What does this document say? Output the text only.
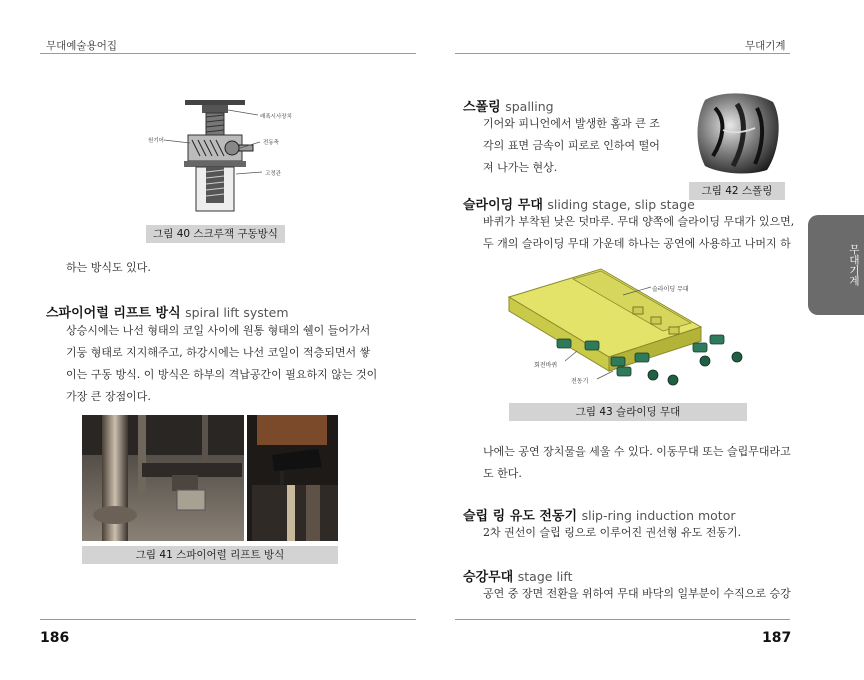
무대예술용어집	무대기계
무대기계
래폭시사장치
원기어	전동축
고정관
그림 40 스크루잭 구동방식
하는 방식도 있다.
스파이어럴 리프트 방식 spiral lift system
상승시에는 나선 형태의 코일 사이에 원통 형태의 쉘이 들어가서
기둥 형태로 지지해주고, 하강시에는 나선 코일이 적층되면서 쌓
이는 구동 방식. 이 방식은 하부의 격납공간이 필요하지 않는 것이
가장 큰 장점이다.
그림 41 스파이어럴 리프트 방식
186
스폴링 spalling
기어와 피니언에서 발생한 홈과 큰 조
각의 표면 금속이 피로로 인하여 떨어
져 나가는 현상.
그림 42 스폴링
슬라이딩 무대 sliding stage, slip stage
바퀴가 부착된 낮은 덧마루. 무대 양쪽에 슬라이딩 무대가 있으면,
두 개의 슬라이딩 무대 가운데 하나는 공연에 사용하고 나머지 하
슬라이딩 무대
회전바퀴
전동기
그림 43 슬라이딩 무대
나에는 공연 장치물을 세울 수 있다. 이동무대 또는 슬립무대라고
도 한다.
슬립 링 유도 전동기 slip-ring induction motor
2차 권선이 슬립 링으로 이루어진 권선형 유도 전동기.
승강무대 stage lift
공연 중 장면 전환을 위하여 무대 바닥의 일부분이 수직으로 승강
187
